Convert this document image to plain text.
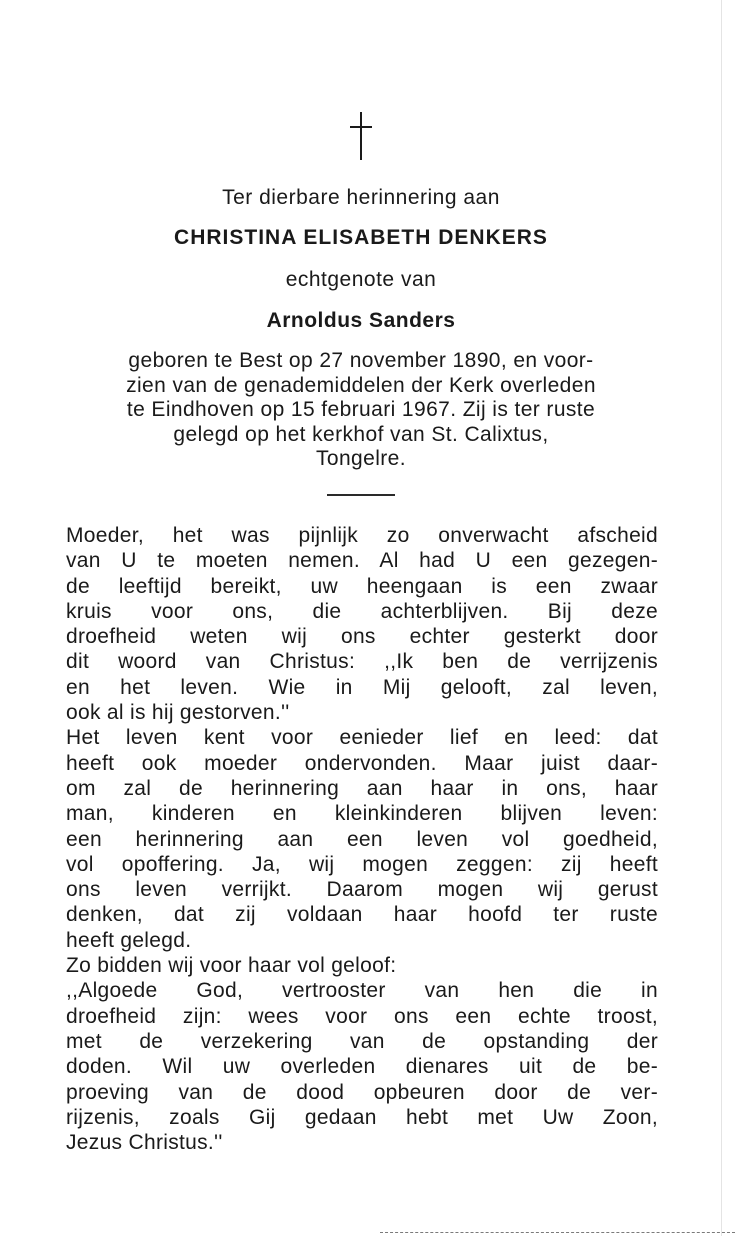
Ter dierbare herinnering aan
CHRISTINA ELISABETH DENKERS
echtgenote van
Arnoldus Sanders
geboren te Best op 27 november 1890, en voor-
zien van de genademiddelen der Kerk overleden
te Eindhoven op 15 februari 1967. Zij is ter ruste
gelegd op het kerkhof van St. Calixtus,
Tongelre.
Moeder, het was pijnlijk zo onverwacht afscheid
van U te moeten nemen. Al had U een gezegen-
de leeftijd bereikt, uw heengaan is een zwaar
kruis voor ons, die achterblijven. Bij deze
droefheid weten wij ons echter gesterkt door
dit woord van Christus: ,,Ik ben de verrijzenis
en het leven. Wie in Mij gelooft, zal leven,
ook al is hij gestorven.''
Het leven kent voor eenieder lief en leed: dat
heeft ook moeder ondervonden. Maar juist daar-
om zal de herinnering aan haar in ons, haar
man, kinderen en kleinkinderen blijven leven:
een herinnering aan een leven vol goedheid,
vol opoffering. Ja, wij mogen zeggen: zij heeft
ons leven verrijkt. Daarom mogen wij gerust
denken, dat zij voldaan haar hoofd ter ruste
heeft gelegd.
Zo bidden wij voor haar vol geloof:
,,Algoede God, vertrooster van hen die in
droefheid zijn: wees voor ons een echte troost,
met de verzekering van de opstanding der
doden. Wil uw overleden dienares uit de be-
proeving van de dood opbeuren door de ver-
rijzenis, zoals Gij gedaan hebt met Uw Zoon,
Jezus Christus.''
